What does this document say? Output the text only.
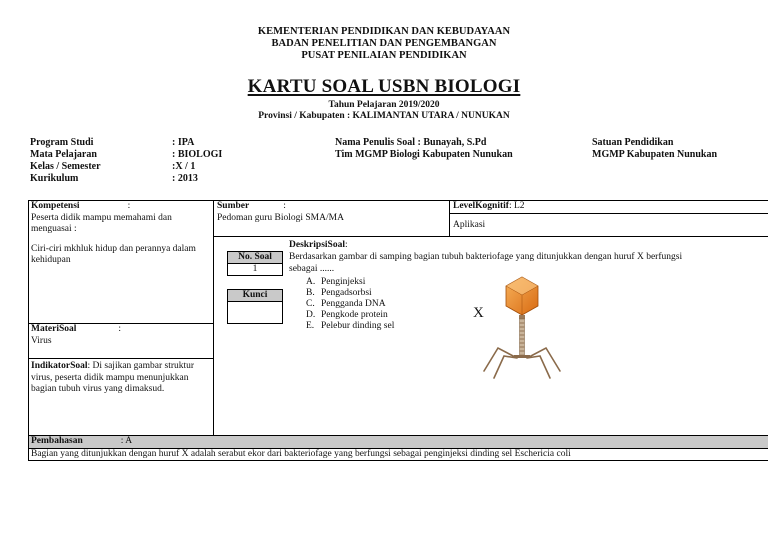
KEMENTERIAN PENDIDIKAN DAN KEBUDAYAAN
BADAN PENELITIAN DAN PENGEMBANGAN
PUSAT PENILAIAN PENDIDIKAN
KARTU SOAL USBN BIOLOGI
Tahun Pelajaran 2019/2020
Provinsi / Kabupaten : KALIMANTAN UTARA / NUNUKAN
Program Studi	: IPA
Mata Pelajaran	: BIOLOGI
Kelas / Semester	:X / 1
Kurikulum	: 2013
Nama Penulis Soal : Bunayah, S.Pd
Tim MGMP Biologi Kabupaten Nunukan
Satuan Pendidikan
MGMP Kabupaten Nunukan
Kompetensi	:
Peserta didik mampu memahami dan menguasai :
Ciri-ciri mkhluk hidup dan perannya dalam kehidupan
Sumber	:
Pedoman guru Biologi SMA/MA
LevelKognitif: L2
Aplikasi
MateriSoal	:
Virus
IndikatorSoal: Di sajikan gambar struktur virus, peserta didik mampu menunjukkan bagian tubuh virus yang dimaksud.
No. Soal
1
Kunci
DeskripsiSoal:
Berdasarkan gambar di samping bagian tubuh bakteriofage yang ditunjukkan dengan huruf X berfungsi sebagai ......
A. Penginjeksi
B. Pengadsorbsi
C. Pengganda DNA
D. Pengkode protein
E. Pelebur dinding sel
X
Pembahasan	: A
Bagian yang ditunjukkan dengan huruf X adalah serabut ekor dari bakteriofage yang berfungsi sebagai penginjeksi dinding sel Eschericia coli
